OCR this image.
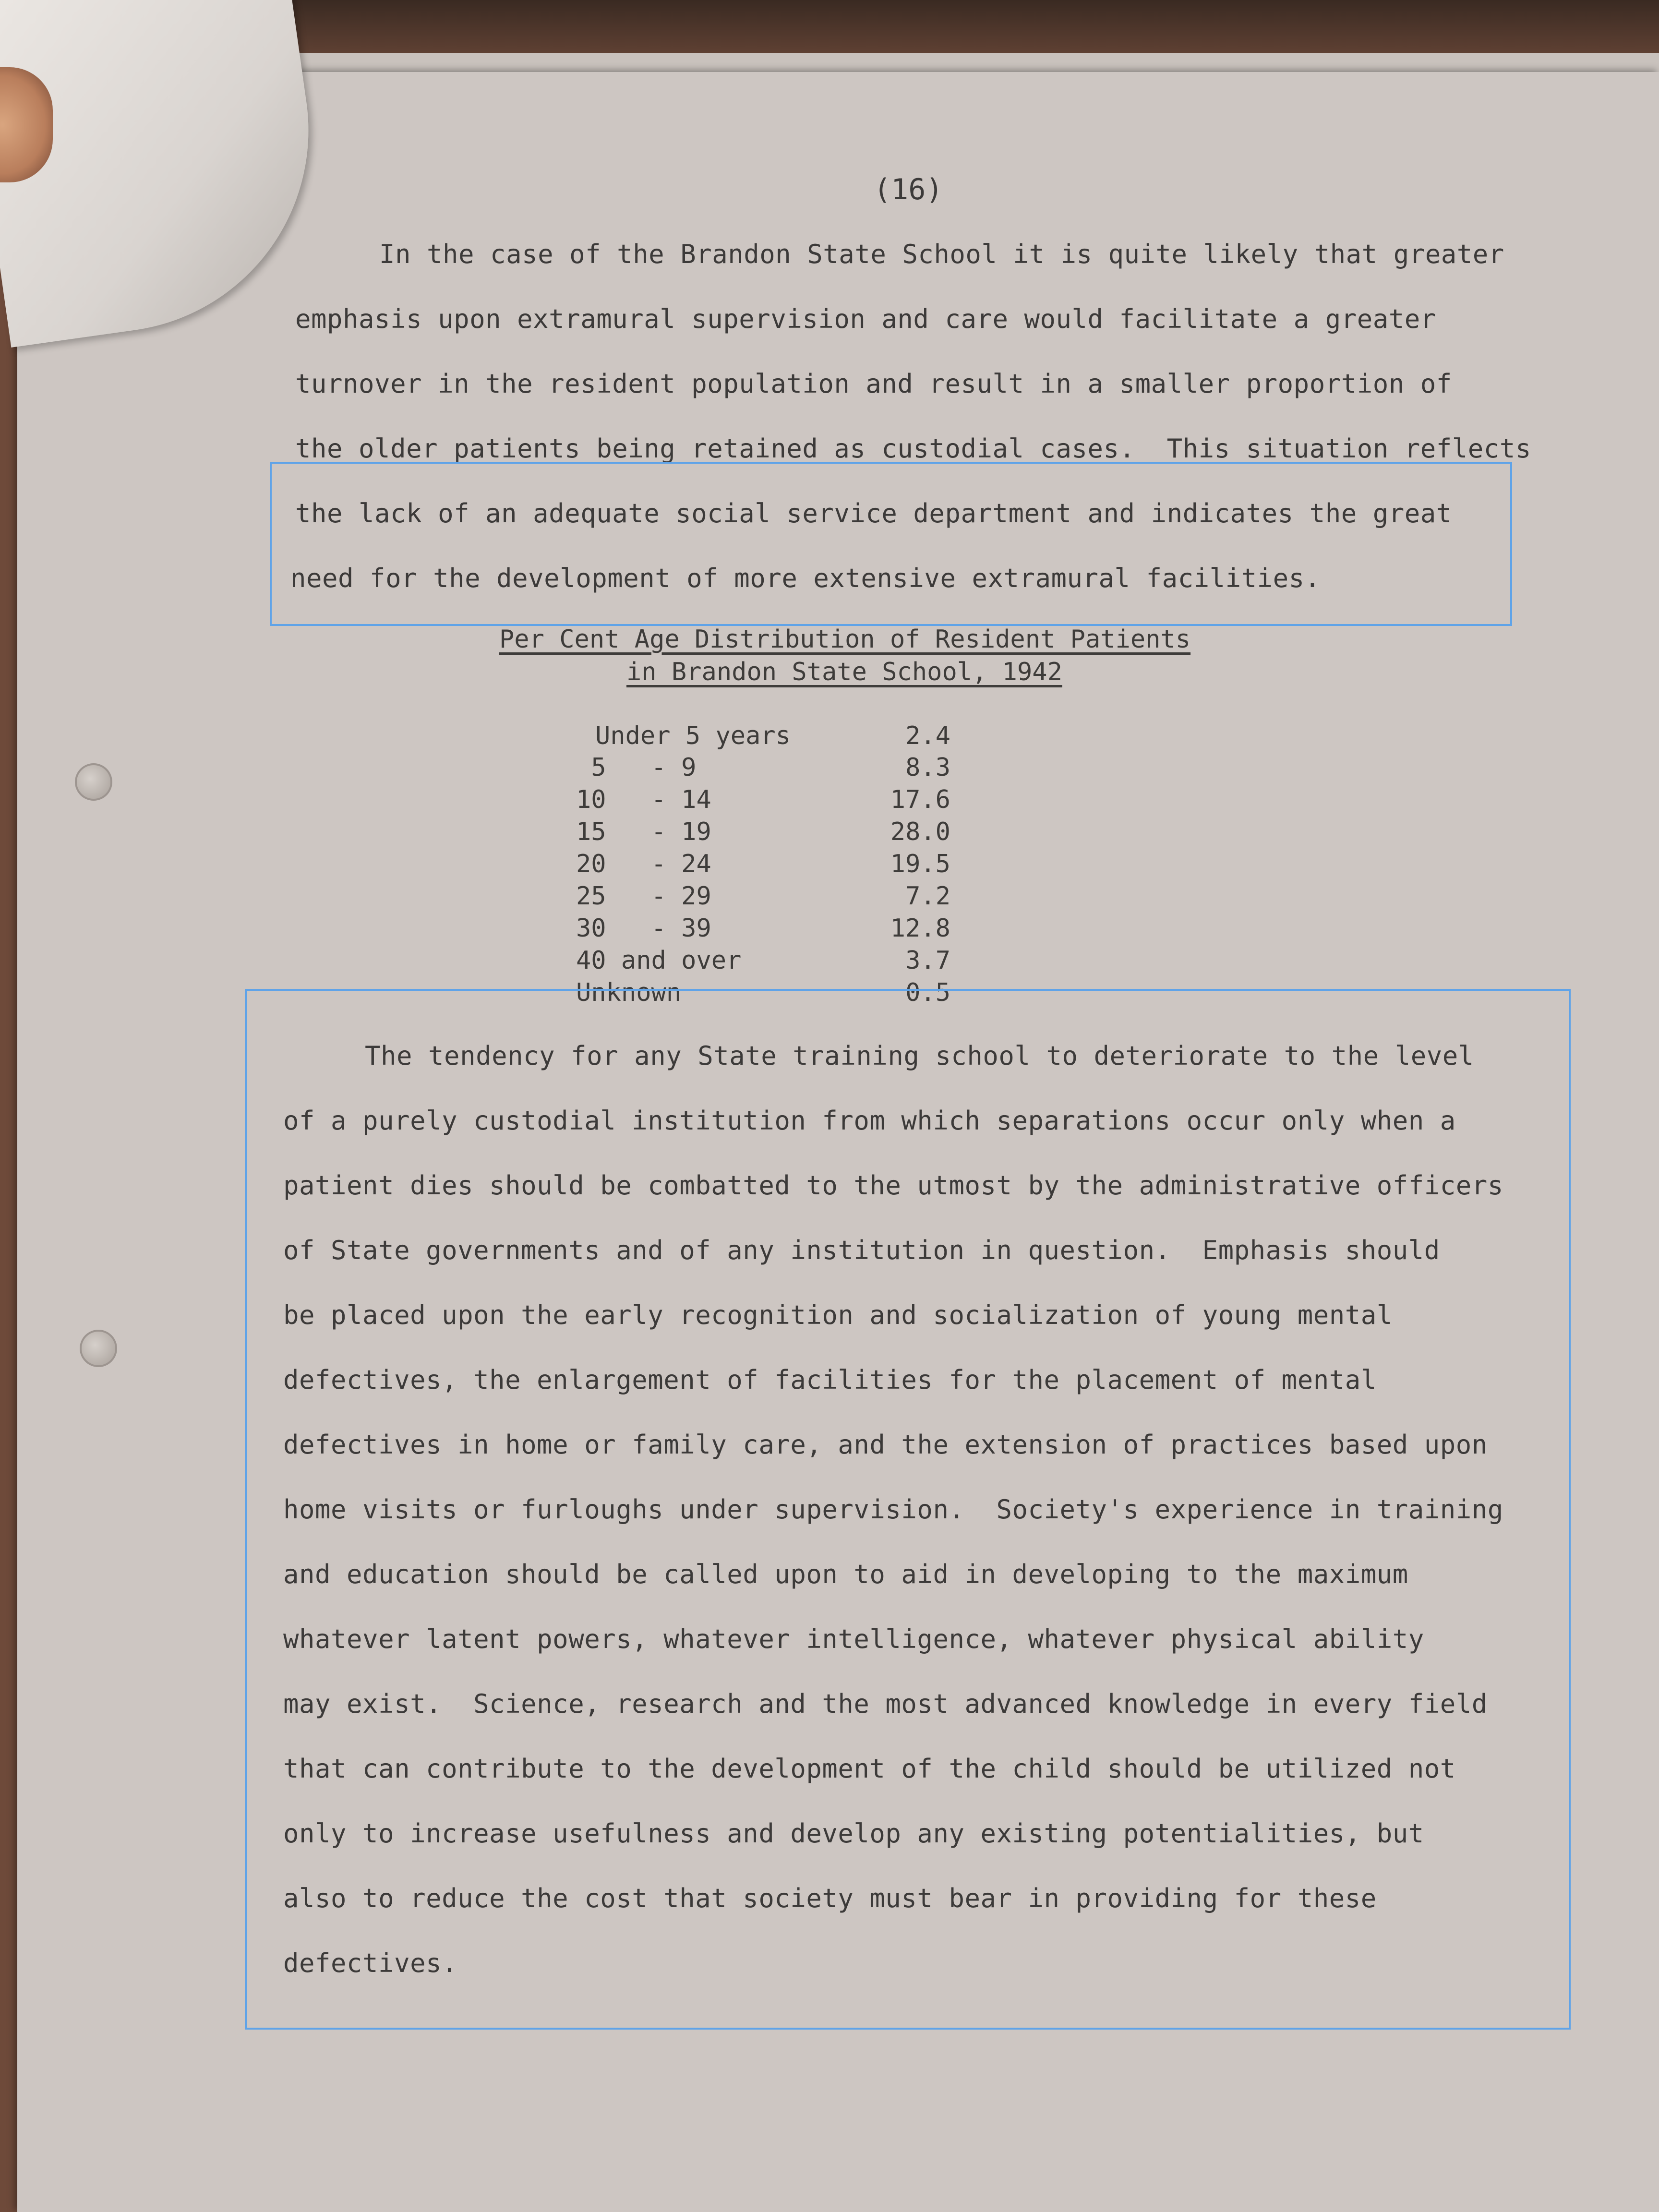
(16)
In the case of the Brandon State School it is quite likely that greater
emphasis upon extramural supervision and care would facilitate a greater
turnover in the resident population and result in a smaller proportion of
the older patients being retained as custodial cases.  This situation reflects
the lack of an adequate social service department and indicates the great
need for the development of more extensive extramural facilities.
Per Cent Age Distribution of Resident Patients
in Brandon State School, 1942
Under 5 years	2.4
5   - 9	8.3
10   - 14	17.6
15   - 19	28.0
20   - 24	19.5
25   - 29	7.2
30   - 39	12.8
40 and over	3.7
Unknown	0.5
The tendency for any State training school to deteriorate to the level
of a purely custodial institution from which separations occur only when a
patient dies should be combatted to the utmost by the administrative officers
of State governments and of any institution in question.  Emphasis should
be placed upon the early recognition and socialization of young mental
defectives, the enlargement of facilities for the placement of mental
defectives in home or family care, and the extension of practices based upon
home visits or furloughs under supervision.  Society's experience in training
and education should be called upon to aid in developing to the maximum
whatever latent powers, whatever intelligence, whatever physical ability
may exist.  Science, research and the most advanced knowledge in every field
that can contribute to the development of the child should be utilized not
only to increase usefulness and develop any existing potentialities, but
also to reduce the cost that society must bear in providing for these
defectives.
